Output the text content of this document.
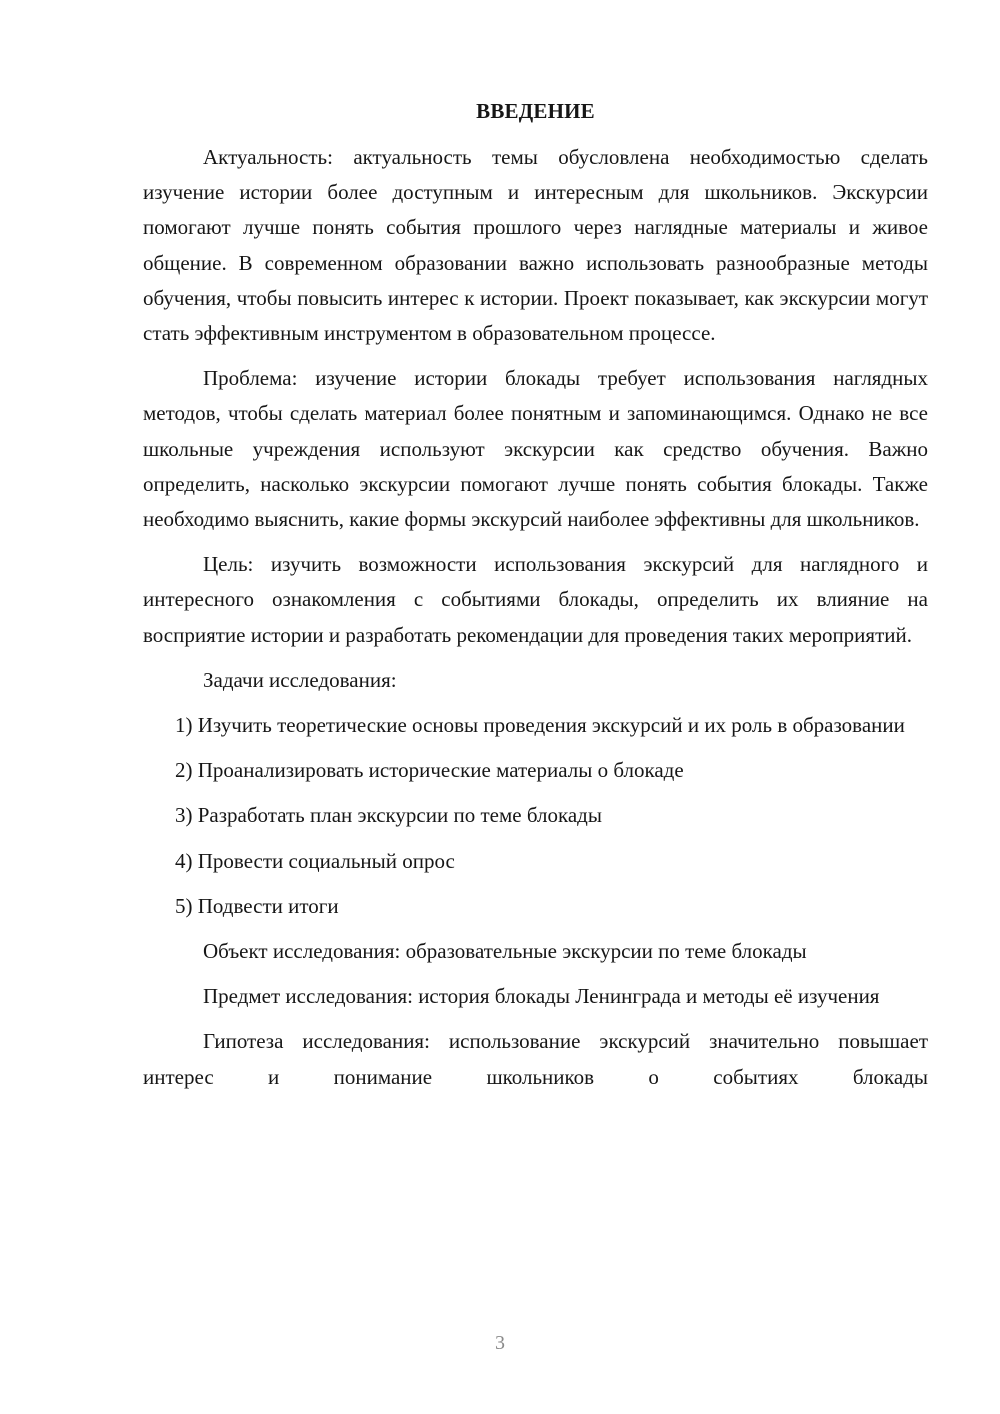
ВВЕДЕНИЕ

Актуальность: актуальность темы обусловлена необходимостью сделать изучение истории более доступным и интересным для школьников. Экскурсии помогают лучше понять события прошлого через наглядные материалы и живое общение. В современном образовании важно использовать разнообразные методы обучения, чтобы повысить интерес к истории. Проект показывает, как экскурсии могут стать эффективным инструментом в образовательном процессе.

Проблема: изучение истории блокады требует использования наглядных методов, чтобы сделать материал более понятным и запоминающимся. Однако не все школьные учреждения используют экскурсии как средство обучения. Важно определить, насколько экскурсии помогают лучше понять события блокады. Также необходимо выяснить, какие формы экскурсий наиболее эффективны для школьников.

Цель: изучить возможности использования экскурсий для наглядного и интересного ознакомления с событиями блокады, определить их влияние на восприятие истории и разработать рекомендации для проведения таких мероприятий.

Задачи исследования:

1) Изучить теоретические основы проведения экскурсий и их роль в образовании

2) Проанализировать исторические материалы о блокаде

3) Разработать план экскурсии по теме блокады

4) Провести социальный опрос

5) Подвести итоги

Объект исследования: образовательные экскурсии по теме блокады

Предмет исследования: история блокады Ленинграда и методы её изучения

Гипотеза исследования: использование экскурсий значительно повышает интерес и понимание школьников о событиях блокады

3
